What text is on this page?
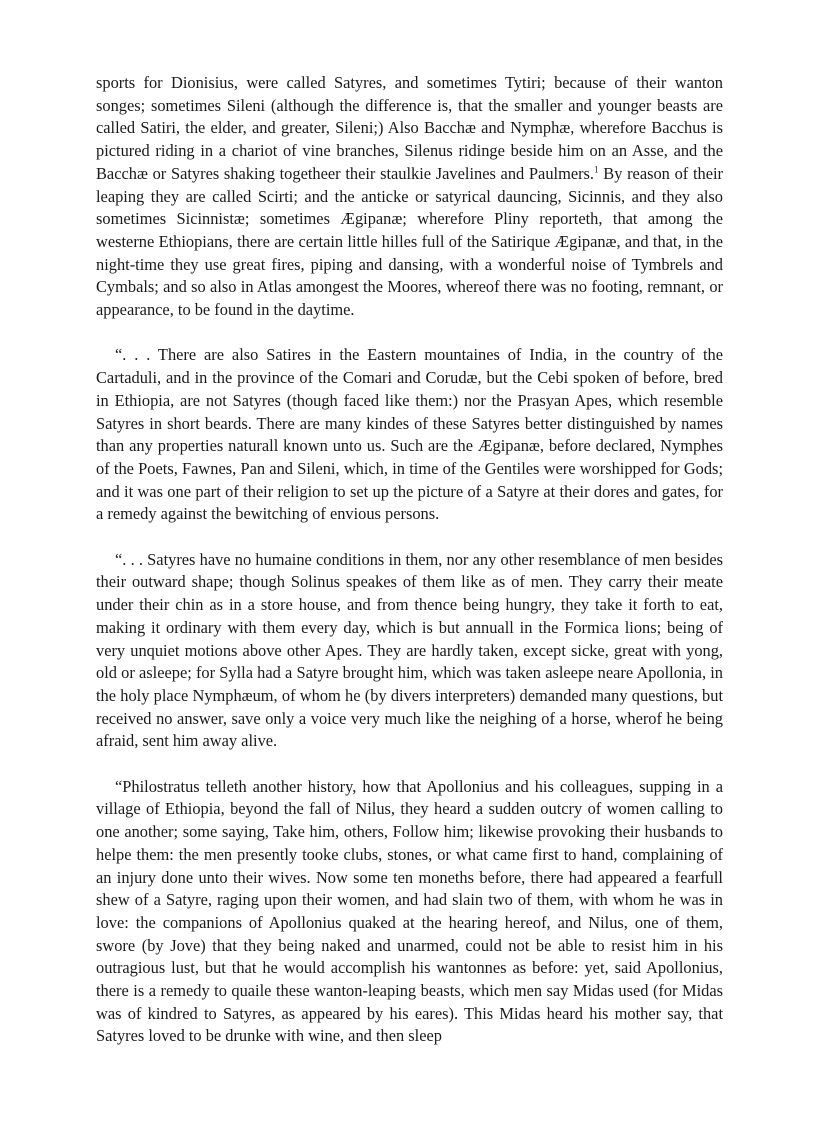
sports for Dionisius, were called Satyres, and sometimes Tytiri; because of their wanton songes; sometimes Sileni (although the difference is, that the smaller and younger beasts are called Satiri, the elder, and greater, Sileni;) Also Bacchæ and Nymphæ, wherefore Bacchus is pictured riding in a chariot of vine branches, Silenus ridinge beside him on an Asse, and the Bacchæ or Satyres shaking togetheer their staulkie Javelines and Paulmers.$^1$ By reason of their leaping they are called Scirti; and the anticke or satyrical dauncing, Sicinnis, and they also sometimes Sicinnistæ; sometimes Ægipanæ; wherefore Pliny reporteth, that among the westerne Ethiopians, there are certain little hilles full of the Satirique Ægipanæ, and that, in the night-time they use great fires, piping and dansing, with a wonderful noise of Tymbrels and Cymbals; and so also in Atlas amongest the Moores, whereof there was no footing, remnant, or appearance, to be found in the daytime.

“. . . There are also Satires in the Eastern mountaines of India, in the country of the Cartaduli, and in the province of the Comari and Corudæ, but the Cebi spoken of before, bred in Ethiopia, are not Satyres (though faced like them:) nor the Prasyan Apes, which resemble Satyres in short beards. There are many kindes of these Satyres better distinguished by names than any properties naturall known unto us. Such are the Ægipanæ, before declared, Nymphes of the Poets, Fawnes, Pan and Sileni, which, in time of the Gentiles were worshipped for Gods; and it was one part of their religion to set up the picture of a Satyre at their dores and gates, for a remedy against the bewitching of envious persons.

“. . . Satyres have no humaine conditions in them, nor any other resemblance of men besides their outward shape; though Solinus speakes of them like as of men. They carry their meate under their chin as in a store house, and from thence being hungry, they take it forth to eat, making it ordinary with them every day, which is but annuall in the Formica lions; being of very unquiet motions above other Apes. They are hardly taken, except sicke, great with yong, old or asleepe; for Sylla had a Satyre brought him, which was taken asleepe neare Apollonia, in the holy place Nymphæum, of whom he (by divers interpreters) demanded many questions, but received no answer, save only a voice very much like the neighing of a horse, wherof he being afraid, sent him away alive.

“Philostratus telleth another history, how that Apollonius and his colleagues, supping in a village of Ethiopia, beyond the fall of Nilus, they heard a sudden outcry of women calling to one another; some saying, Take him, others, Follow him; likewise provoking their husbands to helpe them: the men presently tooke clubs, stones, or what came first to hand, complaining of an injury done unto their wives. Now some ten moneths before, there had appeared a fearfull shew of a Satyre, raging upon their women, and had slain two of them, with whom he was in love: the companions of Apollonius quaked at the hearing hereof, and Nilus, one of them, swore (by Jove) that they being naked and unarmed, could not be able to resist him in his outragious lust, but that he would accomplish his wantonnes as before: yet, said Apollonius, there is a remedy to quaile these wanton-leaping beasts, which men say Midas used (for Midas was of kindred to Satyres, as appeared by his eares). This Midas heard his mother say, that Satyres loved to be drunke with wine, and then sleep
